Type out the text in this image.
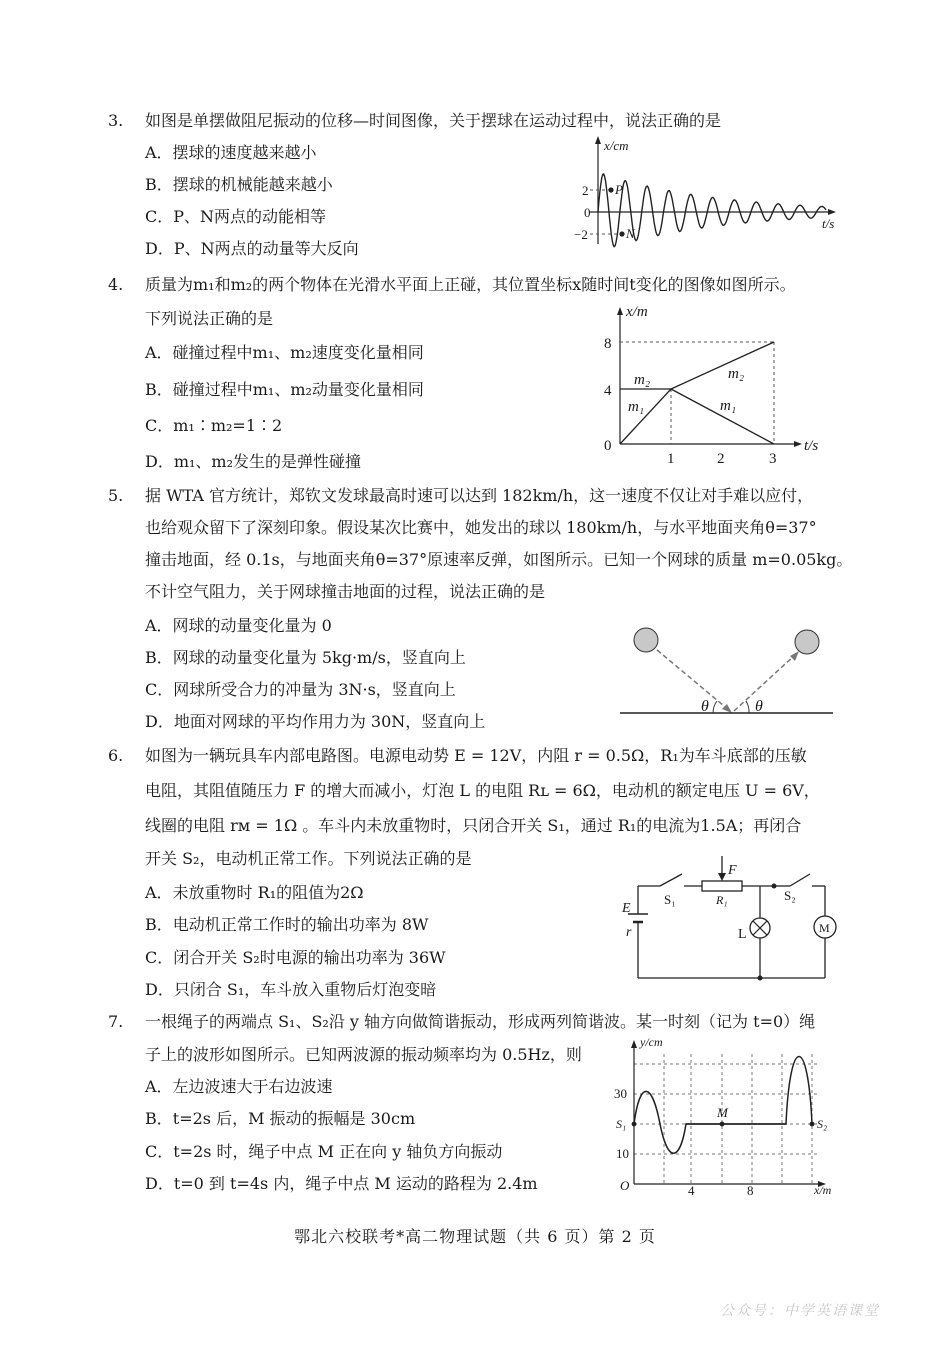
3. 如图是单摆做阻尼振动的位移—时间图像，关于摆球在运动过程中，说法正确的是
A．摆球的速度越来越小
B．摆球的机械能越来越小
C．P、N两点的动能相等
D．P、N两点的动量等大反向
x/cm
t/s
2
0
−2
P
N
4. 质量为m₁和m₂的两个物体在光滑水平面上正碰，其位置坐标x随时间t变化的图像如图所示。
下列说法正确的是
A．碰撞过程中m₁、m₂速度变化量相同
B．碰撞过程中m₁、m₂动量变化量相同
C．m₁∶m₂=1∶2
D．m₁、m₂发生的是弹性碰撞
x/m
t/s
8
4
0
1	2	3
m₂
m₁
m₂
m₁
5. 据 WTA 官方统计，郑钦文发球最高时速可以达到 182km/h，这一速度不仅让对手难以应付，
也给观众留下了深刻印象。假设某次比赛中，她发出的球以 180km/h，与水平地面夹角θ=37°
撞击地面，经 0.1s，与地面夹角θ=37°原速率反弹，如图所示。已知一个网球的质量 m=0.05kg。
不计空气阻力，关于网球撞击地面的过程，说法正确的是
A．网球的动量变化量为 0
B．网球的动量变化量为 5kg·m/s，竖直向上
C．网球所受合力的冲量为 3N·s，竖直向上
D．地面对网球的平均作用力为 30N，竖直向上
θ	θ
6. 如图为一辆玩具车内部电路图。电源电动势 E = 12V，内阻 r = 0.5Ω，R₁为车斗底部的压敏
电阻，其阻值随压力 F 的增大而减小，灯泡 L 的电阻 Rʟ = 6Ω，电动机的额定电压 U = 6V，
线圈的电阻 rᴍ = 1Ω 。车斗内未放重物时，只闭合开关 S₁，通过 R₁的电流为1.5A；再闭合
开关 S₂，电动机正常工作。下列说法正确的是
A．未放重物时 R₁的阻值为2Ω
B．电动机正常工作时的输出功率为 8W
C．闭合开关 S₂时电源的输出功率为 36W
D．只闭合 S₁，车斗放入重物后灯泡变暗
F
S₁	R₁	S₂
E
r	L	M
7. 一根绳子的两端点 S₁、S₂沿 y 轴方向做简谐振动，形成两列简谐波。某一时刻（记为 t=0）绳
子上的波形如图所示。已知两波源的振动频率均为 0.5Hz，则
A．左边波速大于右边波速
B．t=2s 后，M 振动的振幅是 30cm
C．t=2s 时，绳子中点 M 正在向 y 轴负方向振动
D．t=0 到 t=4s 内，绳子中点 M 运动的路程为 2.4m
y/cm
x/m
30
10
O	4	8
S₁
M
S₂
鄂北六校联考*高二物理试题（共 6 页）第 2 页
公众号：中学英语课堂
